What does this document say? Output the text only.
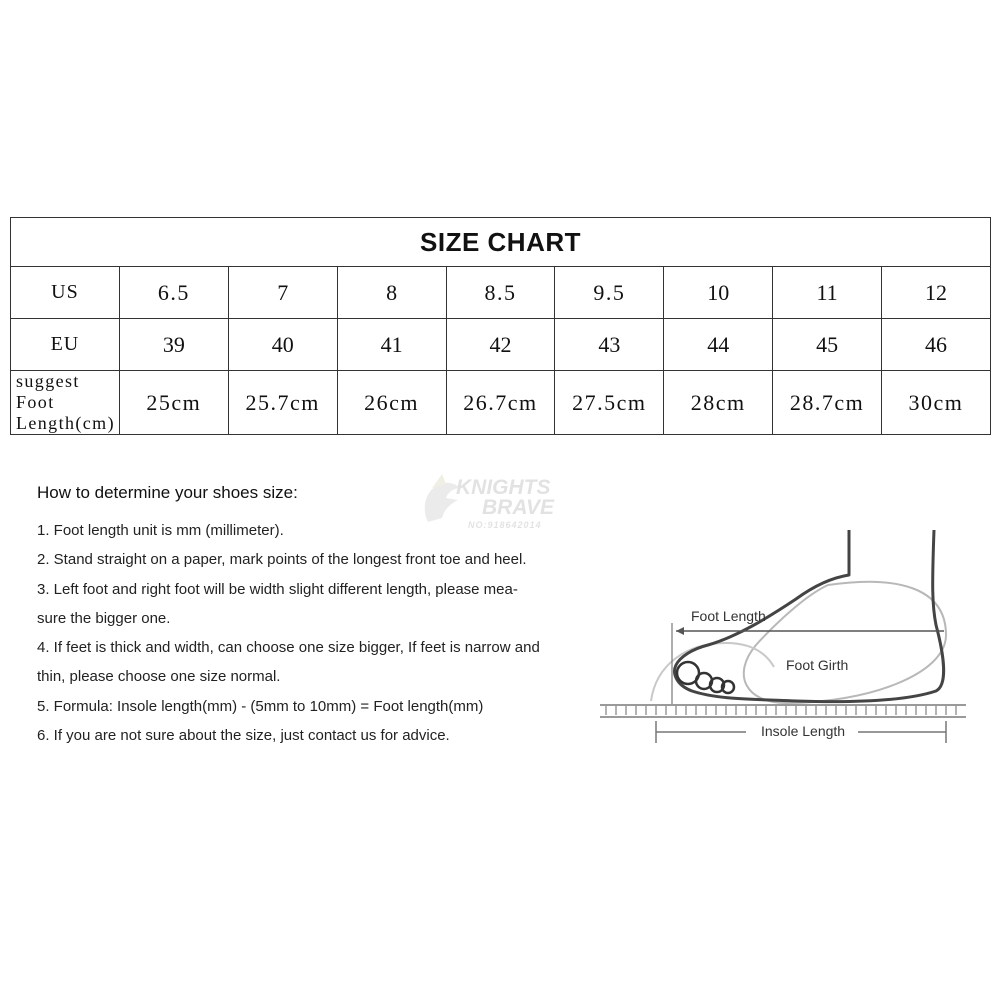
SIZE CHART								
US	6.5	7	8	8.5	9.5	10	11	12
EU	39	40	41	42	43	44	45	46
suggest Foot Length(cm)	25cm	25.7cm	26cm	26.7cm	27.5cm	28cm	28.7cm	30cm
How to determine your shoes size:
1. Foot length unit is mm (millimeter).
2. Stand straight on a paper, mark points of the longest front toe and heel.
3. Left foot and right foot will be width slight different length, please mea-
sure the bigger one.
4. If feet is thick and width, can choose one size bigger, If feet is narrow and
thin, please choose one size normal.
5. Formula: Insole length(mm) - (5mm to 10mm) = Foot length(mm)
6. If you are not sure about the size, just contact us for advice.
KNIGHTS
BRAVE
NO:918642014
Foot Length
Foot Girth
Insole Length
